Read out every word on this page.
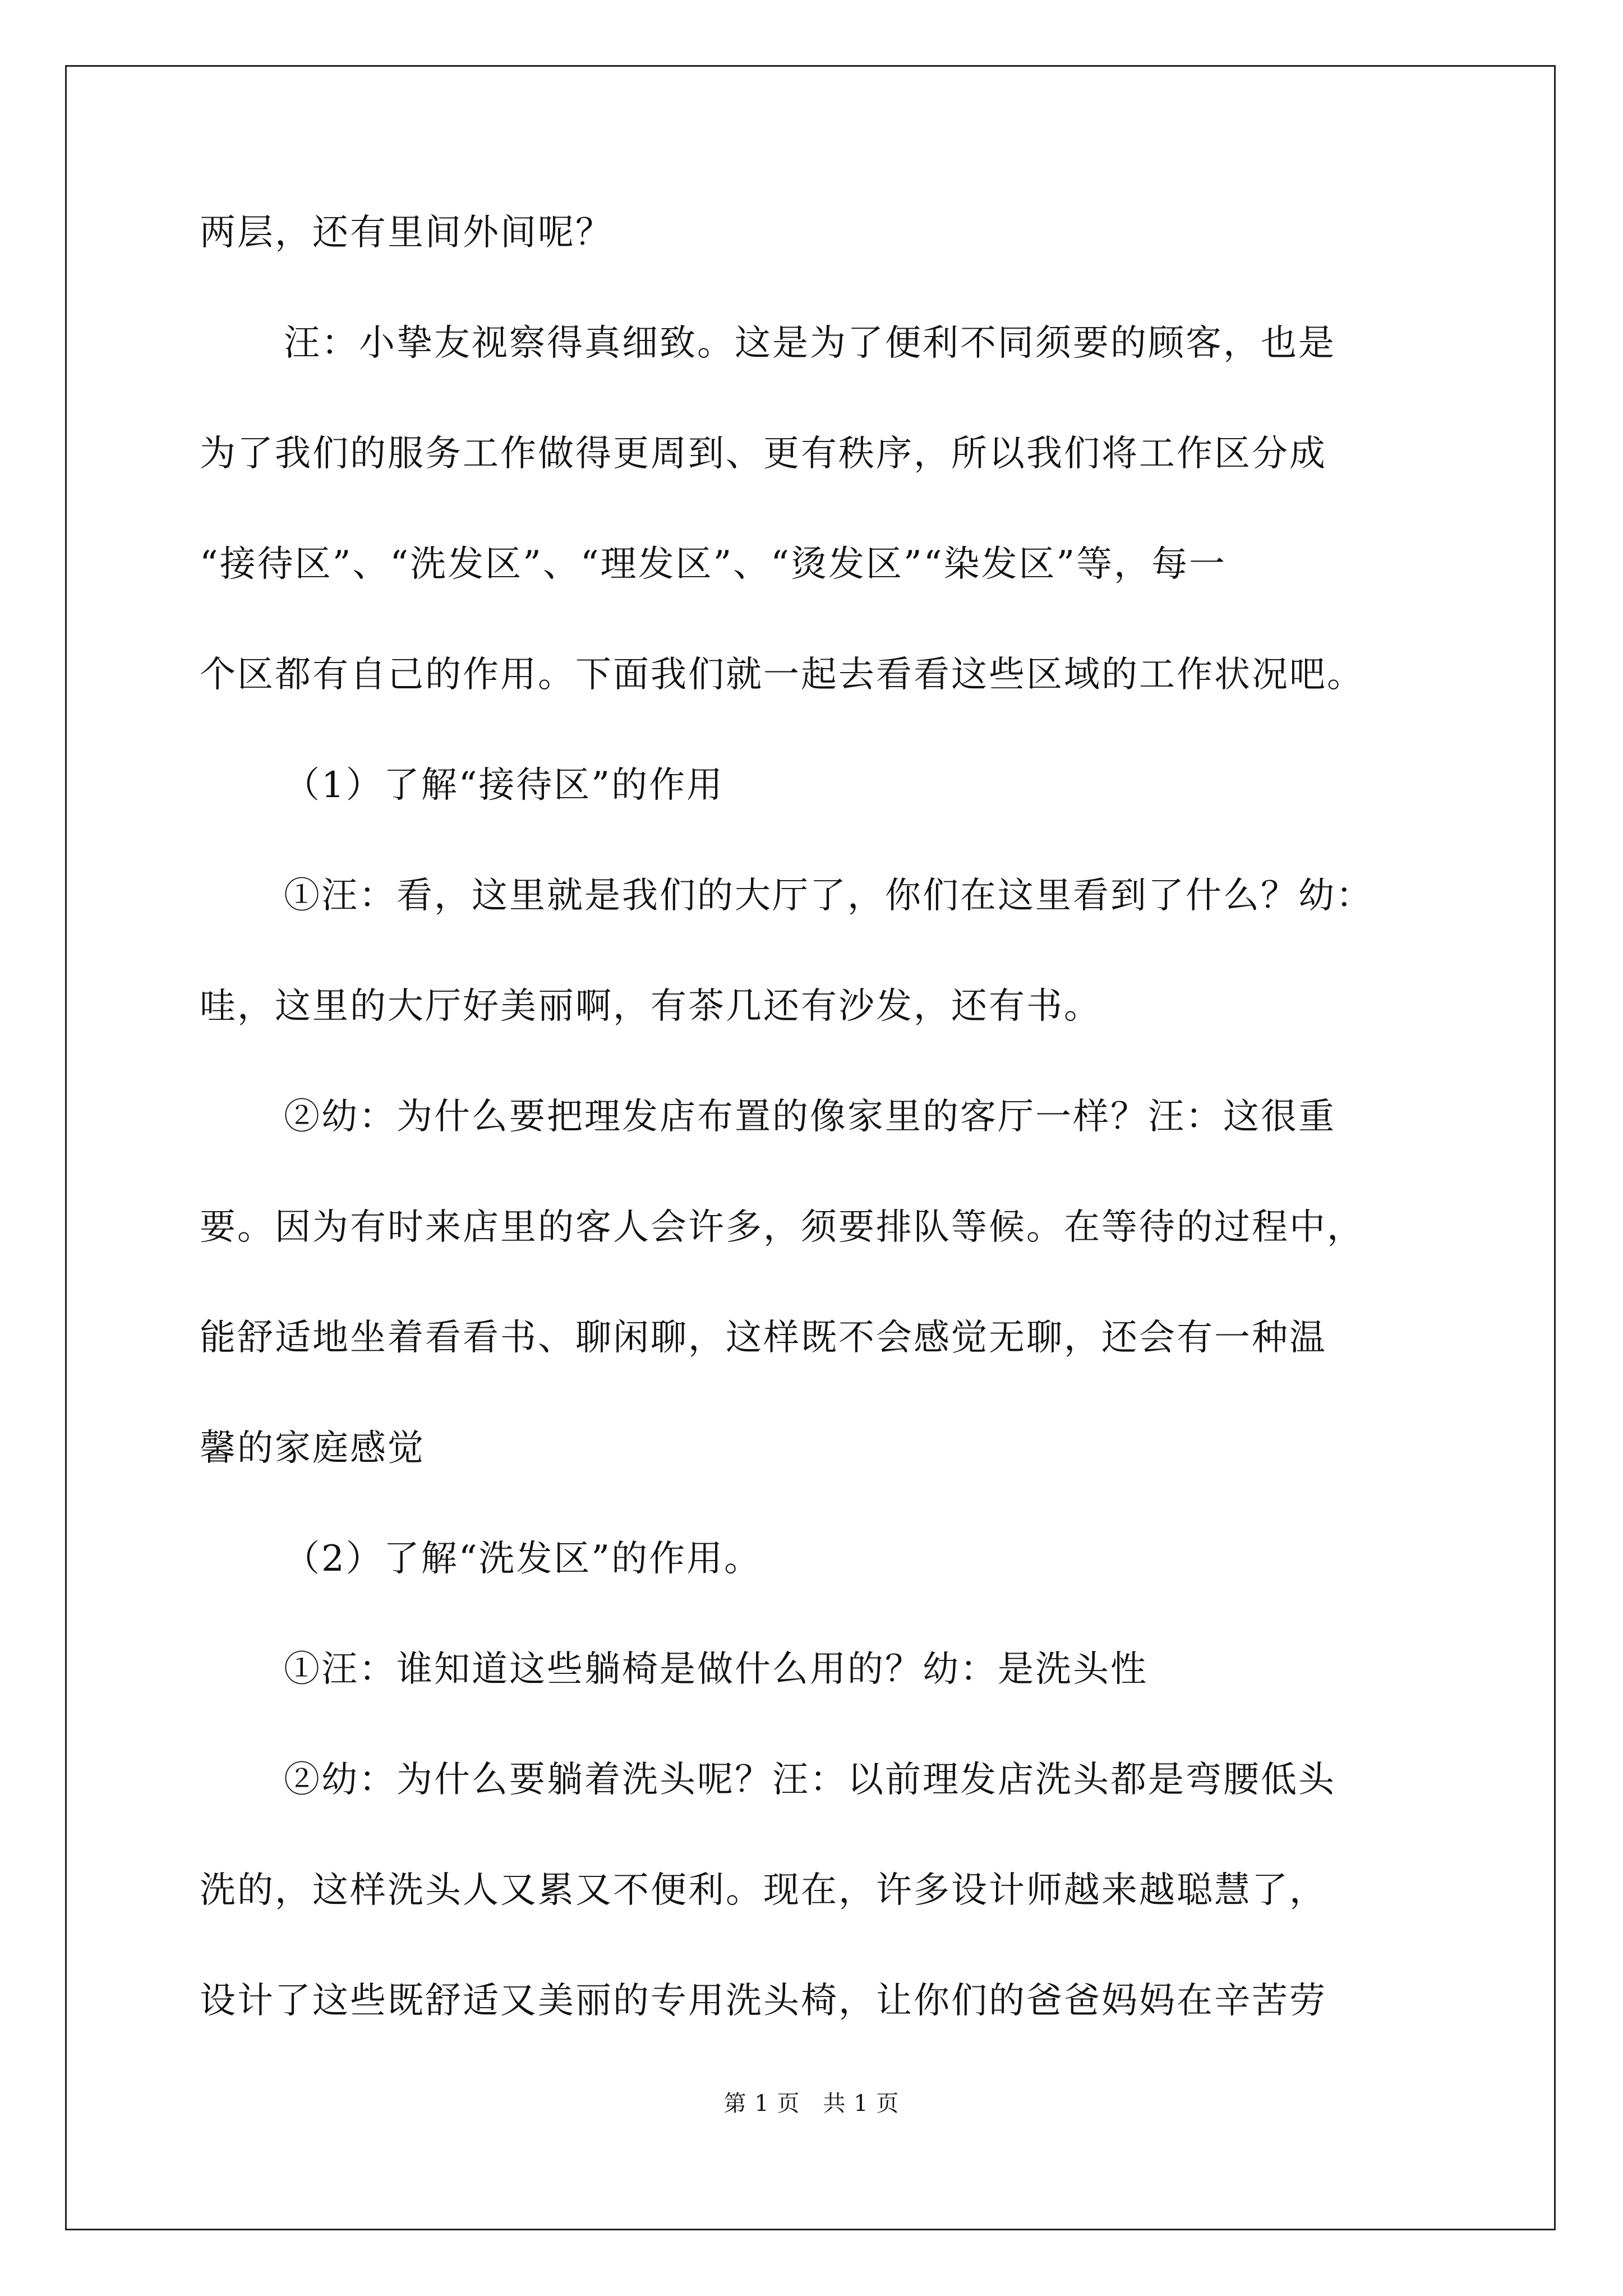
两层，还有里间外间呢？
汪：小挚友视察得真细致。这是为了便利不同须要的顾客，也是
为了我们的服务工作做得更周到、更有秩序，所以我们将工作区分成
“接待区”、“洗发区”、“理发区”、“烫发区”“染发区”等，每一
个区都有自己的作用。下面我们就一起去看看这些区域的工作状况吧。
（1）了解“接待区”的作用
①汪：看，这里就是我们的大厅了，你们在这里看到了什么？幼：
哇，这里的大厅好美丽啊，有茶几还有沙发，还有书。
②幼：为什么要把理发店布置的像家里的客厅一样？汪：这很重
要。因为有时来店里的客人会许多，须要排队等候。在等待的过程中，
能舒适地坐着看看书、聊闲聊，这样既不会感觉无聊，还会有一种温
馨的家庭感觉
（2）了解“洗发区”的作用。
①汪：谁知道这些躺椅是做什么用的？幼：是洗头性
②幼：为什么要躺着洗头呢？汪：以前理发店洗头都是弯腰低头
洗的，这样洗头人又累又不便利。现在，许多设计师越来越聪慧了，
设计了这些既舒适又美丽的专用洗头椅，让你们的爸爸妈妈在辛苦劳
第 1 页　共 1 页
